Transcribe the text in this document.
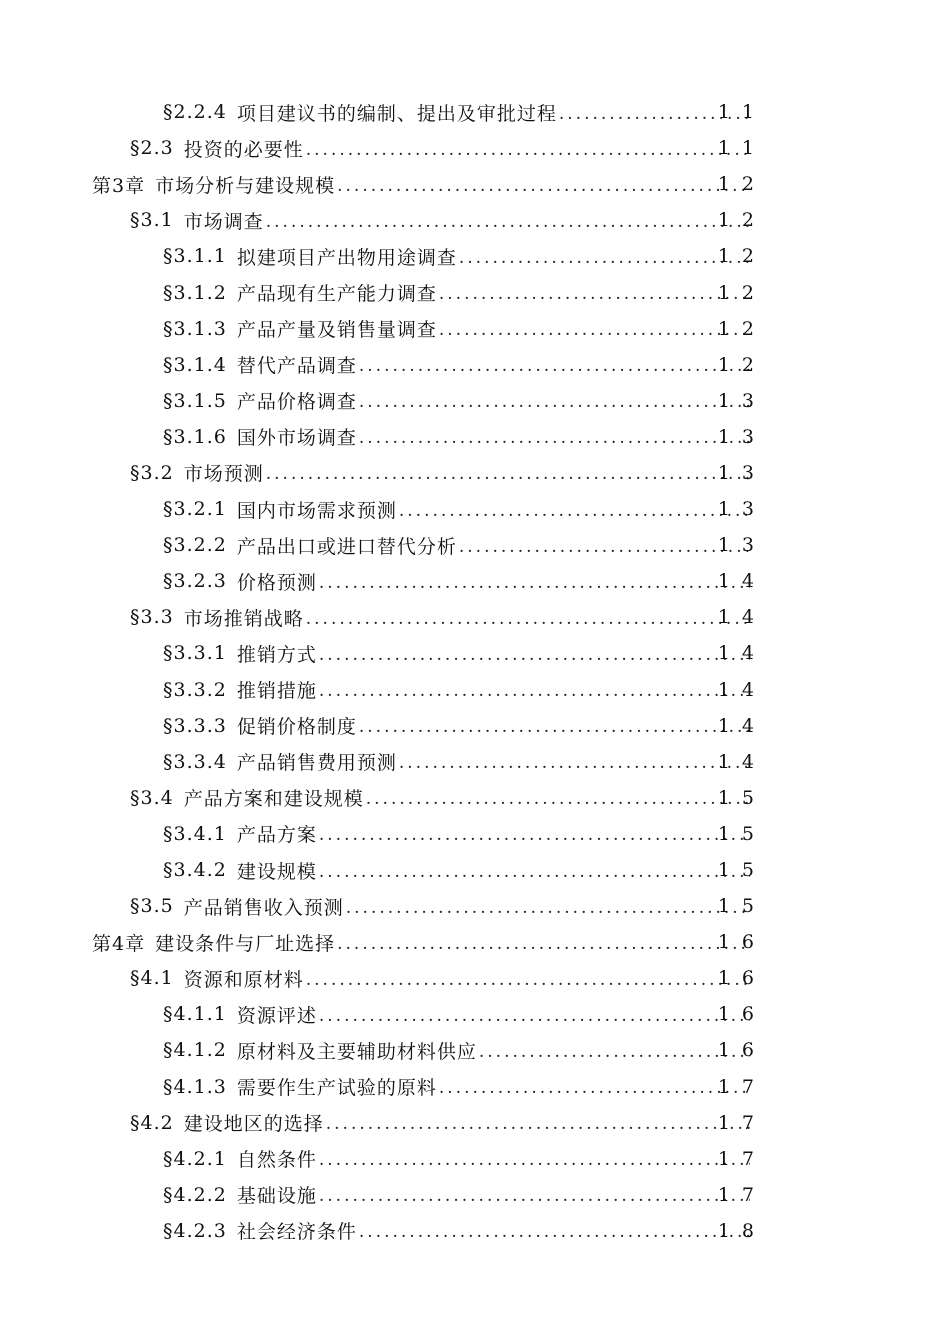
§2.2.4 项目建议书的编制、提出及审批过程 .....	11
§2.3 投资的必要性 .....	11
第3章 市场分析与建设规模 .....	12
§3.1 市场调查 .....	12
§3.1.1 拟建项目产出物用途调查 .....	12
§3.1.2 产品现有生产能力调查 .....	12
§3.1.3 产品产量及销售量调查 .....	12
§3.1.4 替代产品调查 .....	12
§3.1.5 产品价格调查 .....	13
§3.1.6 国外市场调查 .....	13
§3.2 市场预测 .....	13
§3.2.1 国内市场需求预测 .....	13
§3.2.2 产品出口或进口替代分析 .....	13
§3.2.3 价格预测 .....	14
§3.3 市场推销战略 .....	14
§3.3.1 推销方式 .....	14
§3.3.2 推销措施 .....	14
§3.3.3 促销价格制度 .....	14
§3.3.4 产品销售费用预测 .....	14
§3.4 产品方案和建设规模 .....	15
§3.4.1 产品方案 .....	15
§3.4.2 建设规模 .....	15
§3.5 产品销售收入预测 .....	15
第4章 建设条件与厂址选择 .....	16
§4.1 资源和原材料 .....	16
§4.1.1 资源评述 .....	16
§4.1.2 原材料及主要辅助材料供应 .....	16
§4.1.3 需要作生产试验的原料 .....	17
§4.2 建设地区的选择 .....	17
§4.2.1 自然条件 .....	17
§4.2.2 基础设施 .....	17
§4.2.3 社会经济条件 .....	18
